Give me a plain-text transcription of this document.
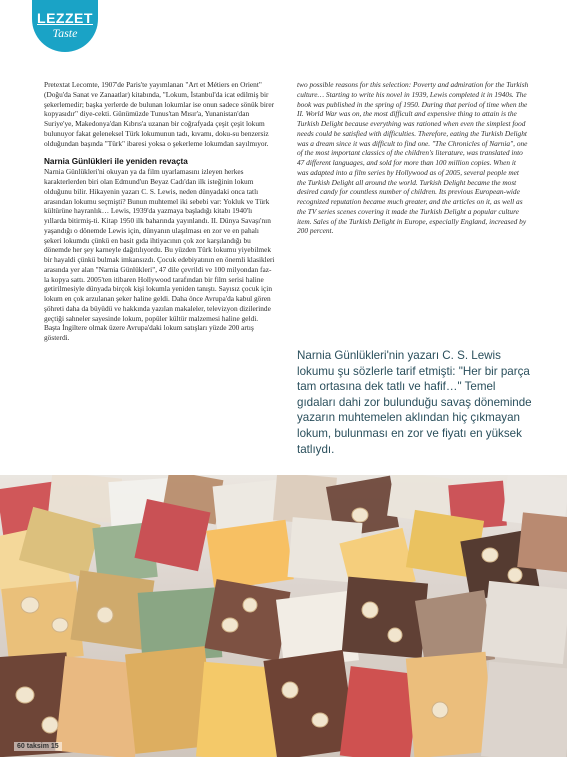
LEZZET
Taste

Pretextat Lecomte, 1907'de Paris'te yayımlanan "Art et Métiers en Orient" (Doğu'da Sanat ve Zanaatlar) kitabında, "Lokum, İstanbul'da icat edilmiş bir şekerlemedir; başka yerlerde de bulunan lokumlar ise onun sadece sönük birer kopyasıdır" diye-cekti. Günümüzde Tunus'tan Mısır'a, Yunanistan'dan Suriye'ye, Makedonya'dan Kıbrıs'a uzanan bir coğrafyada çeşit çeşit lokum bulunuyor fakat geleneksel Türk lokumunun tadı, kıvamı, doku-su benzersiz olduğundan başında "Türk" ibaresi yoksa o şekerleme lokumdan sayılmıyor.

Narnia Günlükleri ile yeniden revaçta

Narnia Günlükleri'ni okuyan ya da film uyarlamasını izleyen herkes karakterlerden biri olan Edmund'un Beyaz Cadı'dan ilk isteğinin lokum olduğunu bilir. Hikayenin yazarı C. S. Lewis, neden dünyadaki onca tatlı arasından lokumu seçmişti? Bunun muhtemel iki sebebi var: Yokluk ve Türk kültürüne hayranlık… Lewis, 1939'da yazmaya başladığı kitabı 1940'lı yıllarda bitirmiş-ti. Kitap 1950 ilk baharında yayınlandı. II. Dünya Savaşı'nın yaşandığı o dönemde Lewis için, dünyanın ulaşılması en zor ve en pahalı şekeri lokumdu çünkü en basit gıda ihtiyacının çok zor karşılandığı bu dönemde her şey karneyle dağıtılıyordu. Bu yüzden Türk lokumu yiyebilmek bir hayaldi çünkü bulmak imkansızdı. Çocuk edebiyatının en önemli klasikleri arasında yer alan "Narnia Günlükleri", 47 dile çevrildi ve 100 milyondan faz-la kopya sattı. 2005'ten itibaren Hollywood tarafından bir film serisi haline getirilmesiyle dünyada birçok kişi lokumla yeniden tanıştı. Sayısız çocuk için lokum en çok arzulanan şeker haline geldi. Daha önce Avrupa'da kabul gören şöhreti daha da büyüdü ve hakkında yazılan makaleler, televizyon dizilerinde geçtiği sahneler sayesinde lokum, popüler kültür malzemesi haline geldi. Başta İngiltere olmak üzere Avrupa'daki lokum satışları yüzde 200 artış gösterdi.

two possible reasons for this selection: Poverty and admiration for the Turkish culture… Starting to write his novel in 1939, Lewis completed it in 1940s. The book was published in the spring of 1950. During that period of time when the II. World War was on, the most difficult and expensive thing to attain is the Turkish Delight because everything was rationed when even the simplest food needs could be satisfied with difficulties. Therefore, eating the Turkish Delight was a dream since it was difficult to find one. "The Chronicles of Narnia", one of the most important classics of the children's literature, was translated into 47 different languages, and sold for more than 100 million copies. When it was adapted into a film series by Hollywood as of 2005, several people met the Turkish Delight all around the world. Turkish Delight became the most desired candy for countless number of children. Its previous European-wide recognized reputation became much greater, and the articles on it, as well as the TV series scenes covering it made the Turkish Delight a popular culture item. Sales of the Turkish Delight in Europe, especially England, increased by 200 percent.

Narnia Günlükleri'nin yazarı C. S. Lewis lokumu şu sözlerle tarif etmişti: "Her bir parça tam ortasına dek tatlı ve hafif…" Temel gıdaları dahi zor bulunduğu savaş döneminde yazarın muhtemelen aklından hiç çıkmayan lokum, bulunması en zor ve fiyatı en yüksek tatlıydı.
60 taksim 15
